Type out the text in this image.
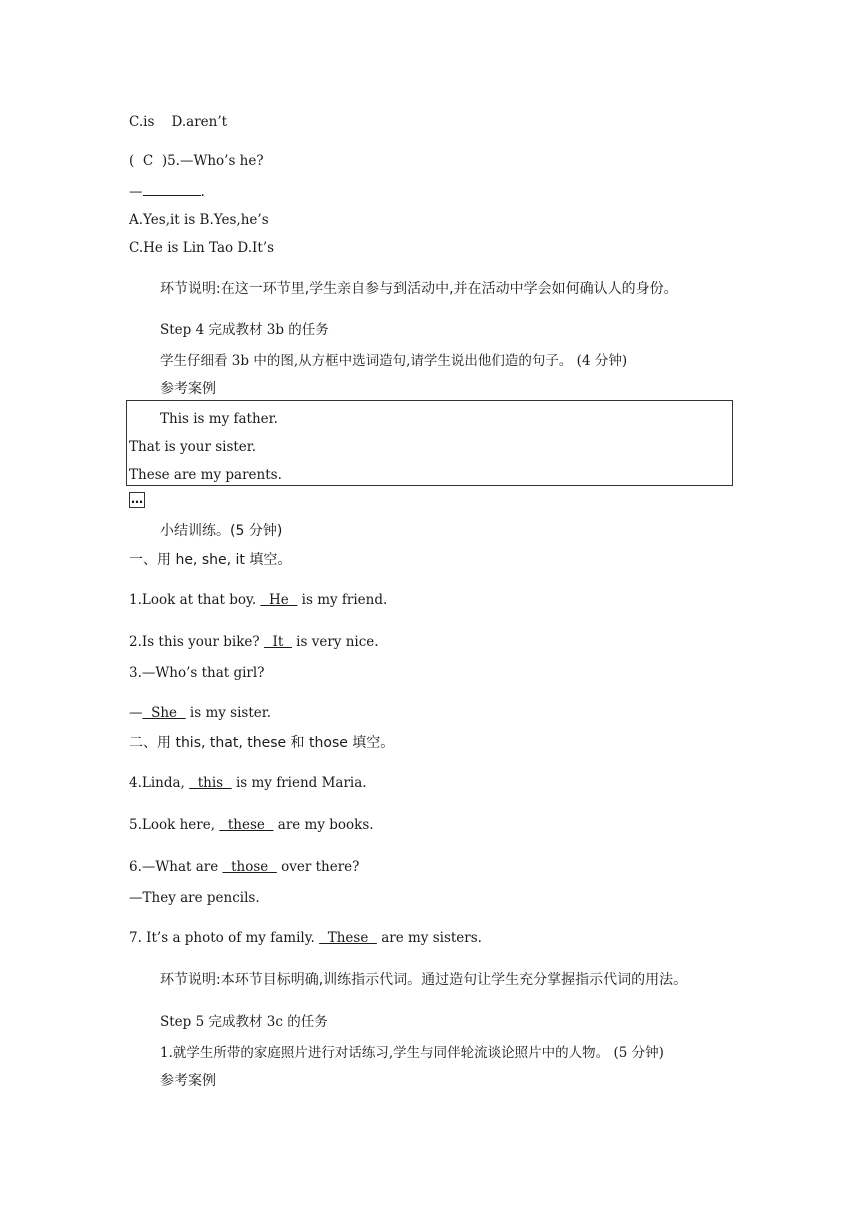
C.is    D.aren’t
( C )5.—Who’s he?
—	.
A.Yes,it is B.Yes,he’s
C.He is Lin Tao D.It’s
环节说明:在这一环节里,学生亲自参与到活动中,并在活动中学会如何确认人的身份。
Step 4 完成教材 3b 的任务
学生仔细看 3b 中的图,从方框中选词造句,请学生说出他们造的句子。 (4 分钟)
参考案例
This is my father.
That is your sister.
These are my parents.
…
小结训练。(5 分钟)
一、用 he, she, it 填空。
1.Look at that boy.   He   is my friend.
2.Is this your bike?   It   is very nice.
3.—Who’s that girl?
—  She   is my sister.
二、用 this, that, these 和 those 填空。
4.Linda,   this   is my friend Maria.
5.Look here,   these   are my books.
6.—What are   those   over there?
—They are pencils.
7. It’s a photo of my family.   These   are my sisters.
环节说明:本环节目标明确,训练指示代词。通过造句让学生充分掌握指示代词的用法。
Step 5 完成教材 3c 的任务
1.就学生所带的家庭照片进行对话练习,学生与同伴轮流谈论照片中的人物。 (5 分钟)
参考案例
